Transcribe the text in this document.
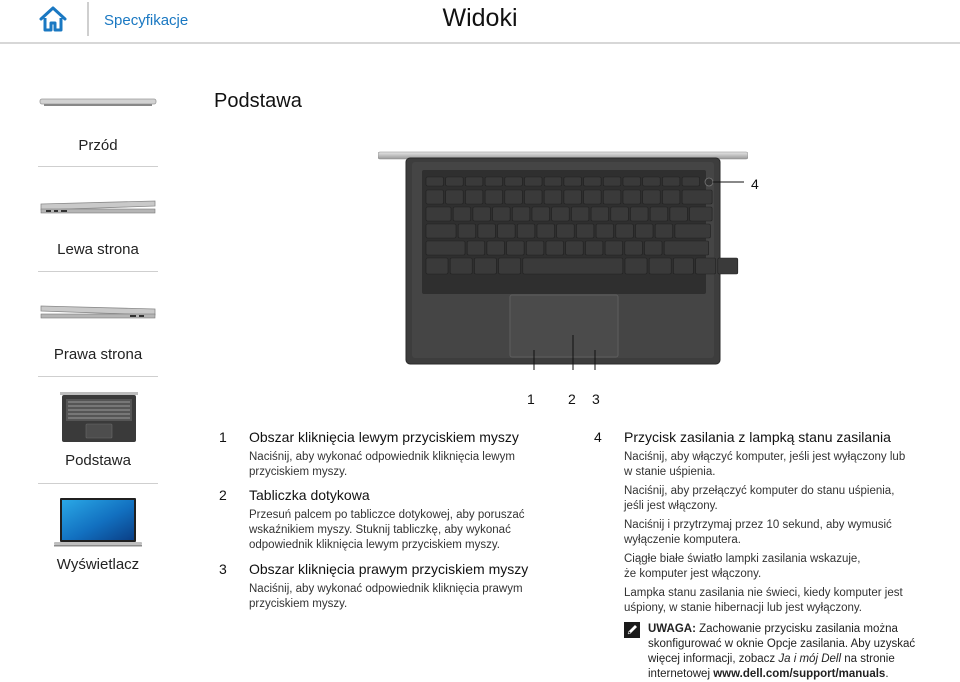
Specyfikacje	Widoki
Przód
Lewa strona
Prawa strona
Podstawa
Wyświetlacz
Podstawa
1 2 3
4
1 Obszar kliknięcia lewym przyciskiem myszy
Naciśnij, aby wykonać odpowiednik kliknięcia lewym
przyciskiem myszy.
2 Tabliczka dotykowa
Przesuń palcem po tabliczce dotykowej, aby poruszać
wskaźnikiem myszy. Stuknij tabliczkę, aby wykonać
odpowiednik kliknięcia lewym przyciskiem myszy.
3 Obszar kliknięcia prawym przyciskiem myszy
Naciśnij, aby wykonać odpowiednik kliknięcia prawym
przyciskiem myszy.
4 Przycisk zasilania z lampką stanu zasilania
Naciśnij, aby włączyć komputer, jeśli jest wyłączony lub
w stanie uśpienia.
Naciśnij, aby przełączyć komputer do stanu uśpienia,
jeśli jest włączony.
Naciśnij i przytrzymaj przez 10 sekund, aby wymusić
wyłączenie komputera.
Ciągłe białe światło lampki zasilania wskazuje,
że komputer jest włączony.
Lampka stanu zasilania nie świeci, kiedy komputer jest
uśpiony, w stanie hibernacji lub jest wyłączony.
UWAGA: Zachowanie przycisku zasilania można
skonfigurować w oknie Opcje zasilania. Aby uzyskać
więcej informacji, zobacz Ja i mój Dell na stronie
internetowej www.dell.com/support/manuals.
